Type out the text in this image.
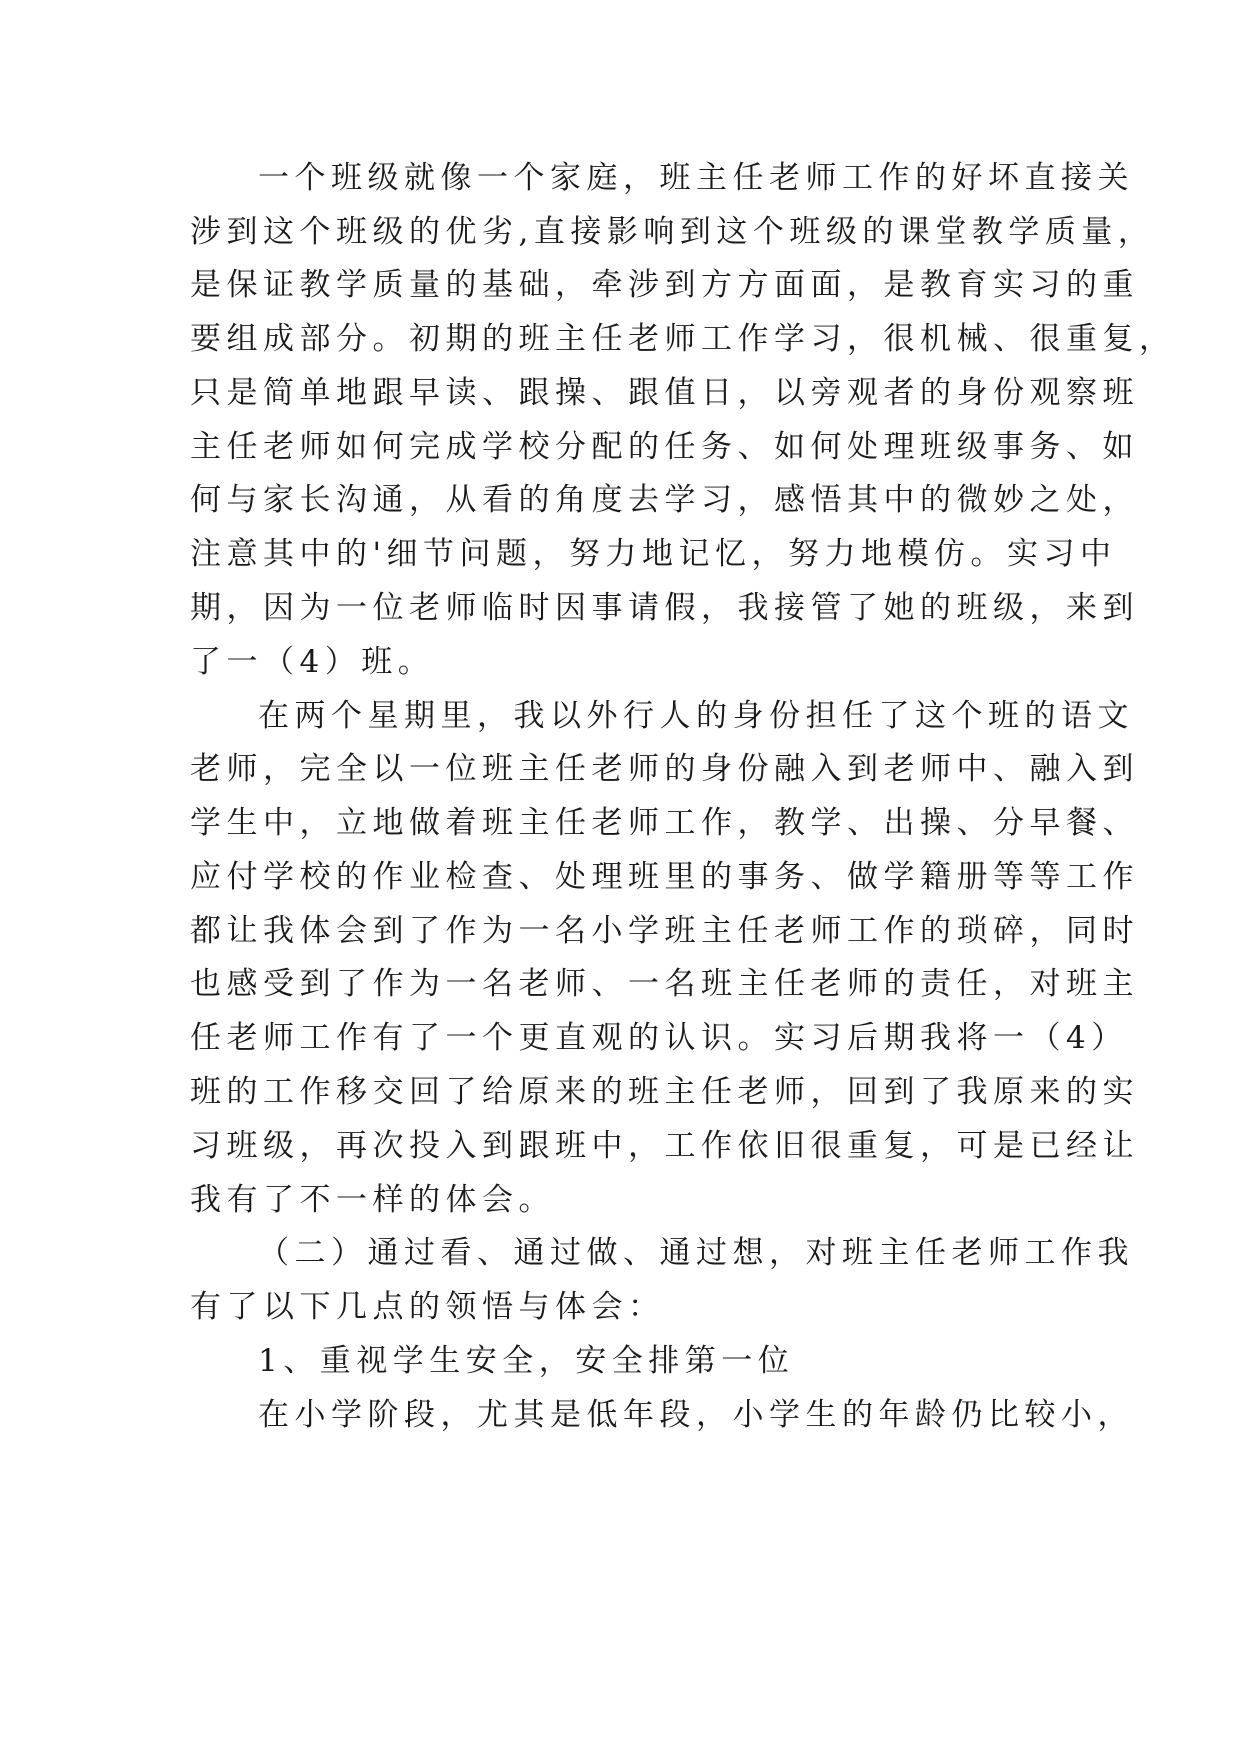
一个班级就像一个家庭，班主任老师工作的好坏直接关
涉到这个班级的优劣,直接影响到这个班级的课堂教学质量，
是保证教学质量的基础，牵涉到方方面面，是教育实习的重
要组成部分。初期的班主任老师工作学习，很机械、很重复，
只是简单地跟早读、跟操、跟值日，以旁观者的身份观察班
主任老师如何完成学校分配的任务、如何处理班级事务、如
何与家长沟通，从看的角度去学习，感悟其中的微妙之处，
注意其中的'细节问题，努力地记忆，努力地模仿。实习中
期，因为一位老师临时因事请假，我接管了她的班级，来到
了一（4）班。
在两个星期里，我以外行人的身份担任了这个班的语文
老师，完全以一位班主任老师的身份融入到老师中、融入到
学生中，立地做着班主任老师工作，教学、出操、分早餐、
应付学校的作业检查、处理班里的事务、做学籍册等等工作
都让我体会到了作为一名小学班主任老师工作的琐碎，同时
也感受到了作为一名老师、一名班主任老师的责任，对班主
任老师工作有了一个更直观的认识。实习后期我将一（4）
班的工作移交回了给原来的班主任老师，回到了我原来的实
习班级，再次投入到跟班中，工作依旧很重复，可是已经让
我有了不一样的体会。
（二）通过看、通过做、通过想，对班主任老师工作我
有了以下几点的领悟与体会：
1、重视学生安全，安全排第一位
在小学阶段，尤其是低年段，小学生的年龄仍比较小，
